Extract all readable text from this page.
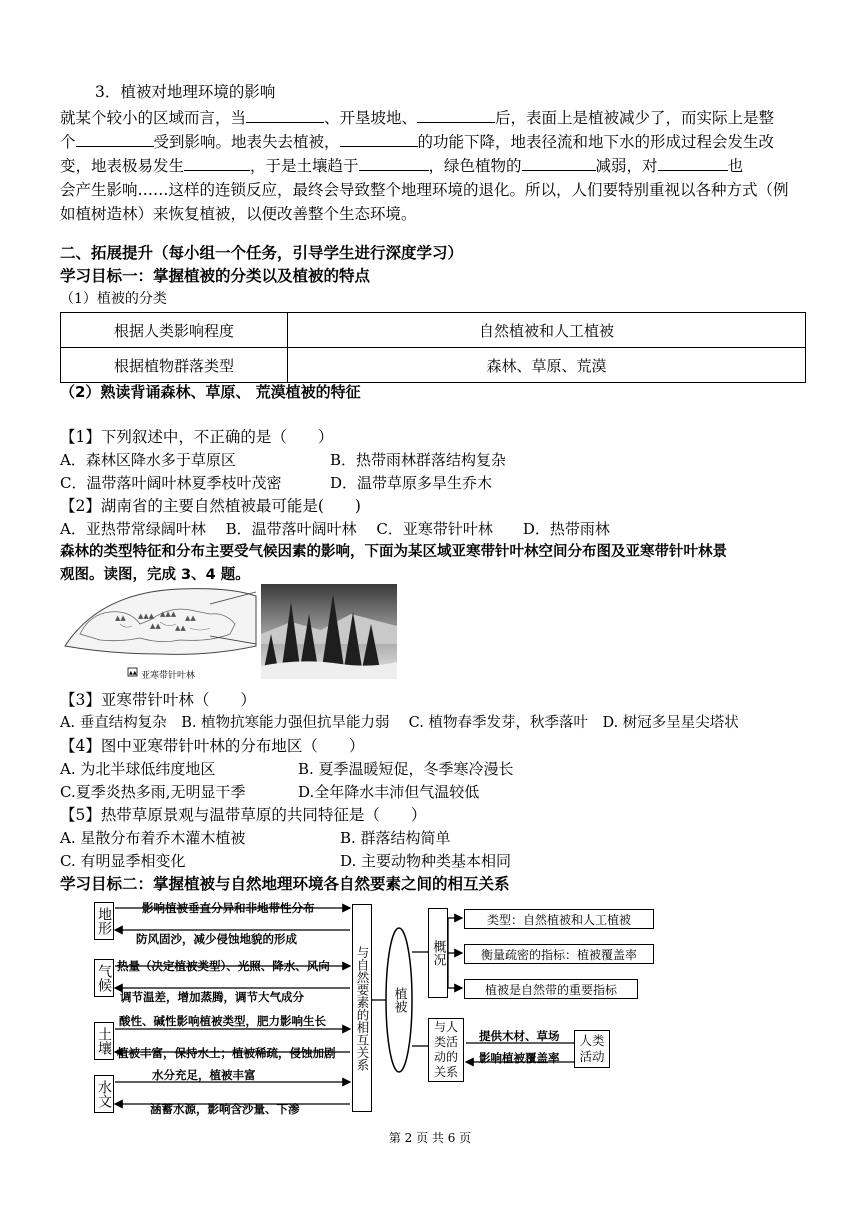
3．植被对地理环境的影响
就某个较小的区域而言，当	、开垦坡地、	后，表面上是植被减少了，而实际上是整
个	受到影响。地表失去植被，	的功能下降，地表径流和地下水的形成过程会发生改
变，地表极易发生	，于是土壤趋于	，绿色植物的	减弱，对	也
会产生影响……这样的连锁反应，最终会导致整个地理环境的退化。所以，人们要特别重视以各种方式（例
如植树造林）来恢复植被，以便改善整个生态环境。
二、拓展提升（每小组一个任务，引导学生进行深度学习）
学习目标一：掌握植被的分类以及植被的特点
（1）植被的分类
根据人类影响程度	自然植被和人工植被
根据植物群落类型	森林、草原、荒漠
（2）熟读背诵森林、草原、 荒漠植被的特征
【1】下列叙述中，不正确的是（　　）
A．森林区降水多于草原区	B．热带雨林群落结构复杂
C．温带落叶阔叶林夏季枝叶茂密	D．温带草原多旱生乔木
【2】湖南省的主要自然植被最可能是(　　)
A．亚热带常绿阔叶林　 B．温带落叶阔叶林　 C．亚寒带针叶林　　D．热带雨林
森林的类型特征和分布主要受气候因素的影响，下面为某区域亚寒带针叶林空间分布图及亚寒带针叶林景
观图。读图，完成 3、4 题。
▲▲ ▲▲▲ ▲▲▲ ▲▲
▲▲ ▲▲
▲▲ 亚寒带针叶林
【3】亚寒带针叶林（　　）
A. 垂直结构复杂　B. 植物抗寒能力强但抗旱能力弱　 C. 植物春季发芽，秋季落叶　D. 树冠多呈星尖塔状
【4】图中亚寒带针叶林的分布地区（　　）
A. 为北半球低纬度地区	B. 夏季温暖短促，冬季寒冷漫长
C.夏季炎热多雨,无明显干季	D.全年降水丰沛但气温较低
【5】热带草原景观与温带草原的共同特征是（　　）
A. 星散分布着乔木灌木植被	B. 群落结构简单
C. 有明显季相变化	D. 主要动物种类基本相同
学习目标二：掌握植被与自然地理环境各自然要素之间的相互关系
地形
气候
土壤
水文
与自然要素的相互关系 植被
概况
与人类活动的关系
人类活动
类型：自然植被和人工植被
衡量疏密的指标：植被覆盖率
植被是自然带的重要指标
影响植被垂直分异和非地带性分布
防风固沙，减少侵蚀地貌的形成
热量（决定植被类型）、光照、降水、风向
调节温差，增加蒸腾，调节大气成分
酸性、碱性影响植被类型，肥力影响生长
植被丰富，保持水土；植被稀疏，侵蚀加剧
水分充足，植被丰富
涵蓄水源，影响含沙量、下渗
提供木材、草场
影响植被覆盖率
第 2 页 共 6 页
